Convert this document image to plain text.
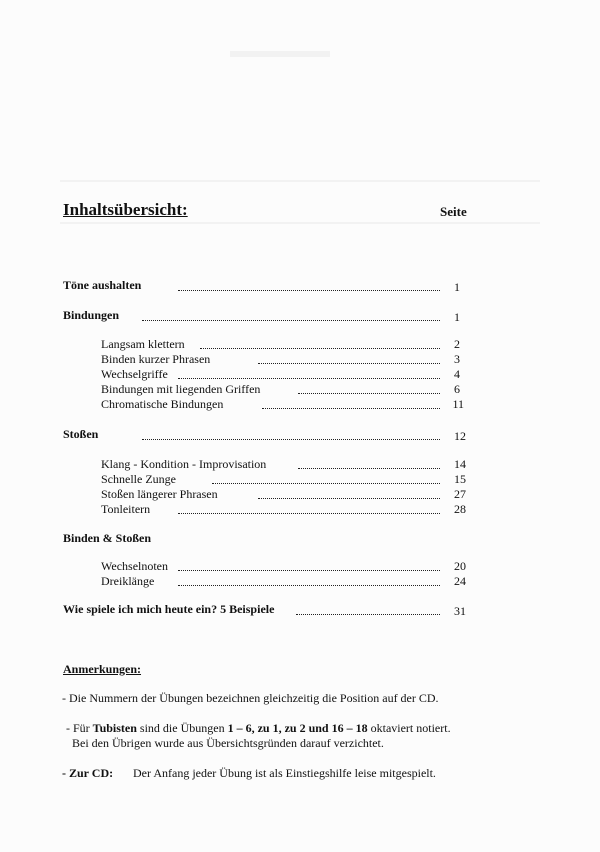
Inhaltsübersicht:	Seite
Töne aushalten	1
Bindungen	1
Langsam klettern	2
Binden kurzer Phrasen	3
Wechselgriffe	4
Bindungen mit liegenden Griffen	6
Chromatische Bindungen	11
Stoßen	12
Klang - Kondition - Improvisation	14
Schnelle Zunge	15
Stoßen längerer Phrasen	27
Tonleitern	28
Binden & Stoßen
Wechselnoten	20
Dreiklänge	24
Wie spiele ich mich heute ein? 5 Beispiele	31
Anmerkungen:
- Die Nummern der Übungen bezeichnen gleichzeitig die Position auf der CD.
- Für Tubisten sind die Übungen 1 – 6, zu 1, zu 2 und 16 – 18 oktaviert notiert.
Bei den Übrigen wurde aus Übersichtsgründen darauf verzichtet.
- Zur CD: Der Anfang jeder Übung ist als Einstiegshilfe leise mitgespielt.
